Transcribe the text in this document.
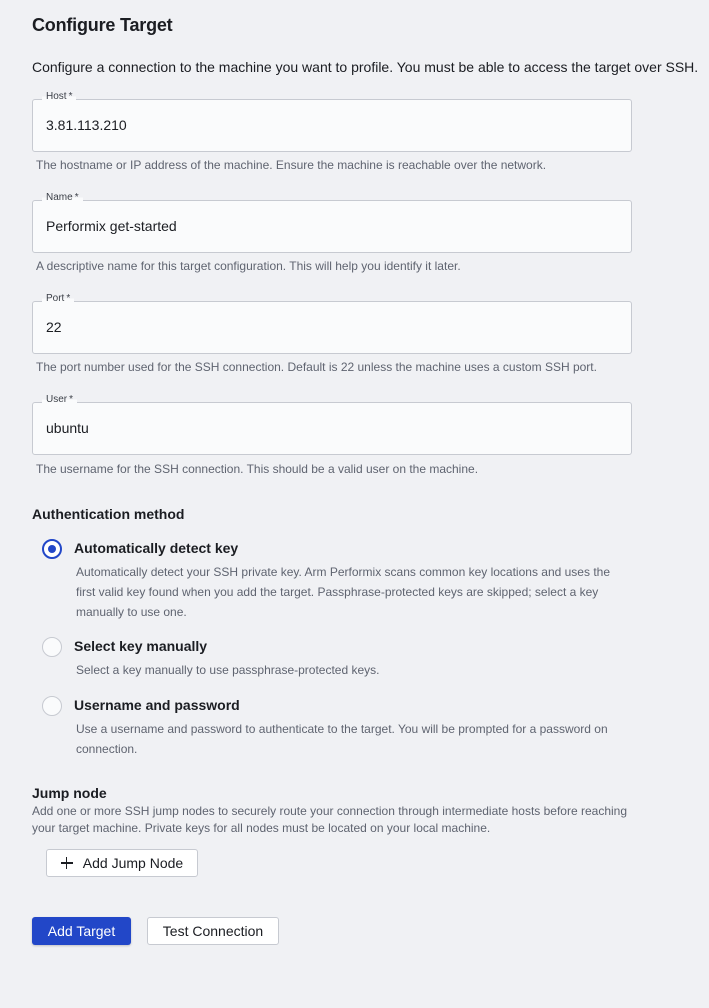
Configure Target
Configure a connection to the machine you want to profile. You must be able to access the target over SSH.
Host *
3.81.113.210
The hostname or IP address of the machine. Ensure the machine is reachable over the network.
Name *
Performix get-started
A descriptive name for this target configuration. This will help you identify it later.
Port *
22
The port number used for the SSH connection. Default is 22 unless the machine uses a custom SSH port.
User *
ubuntu
The username for the SSH connection. This should be a valid user on the machine.
Authentication method
Automatically detect key
Automatically detect your SSH private key. Arm Performix scans common key locations and uses the first valid key found when you add the target. Passphrase-protected keys are skipped; select a key manually to use one.
Select key manually
Select a key manually to use passphrase-protected keys.
Username and password
Use a username and password to authenticate to the target. You will be prompted for a password on connection.
Jump node
Add one or more SSH jump nodes to securely route your connection through intermediate hosts before reaching your target machine. Private keys for all nodes must be located on your local machine.
Add Jump Node
Add Target	Test Connection
